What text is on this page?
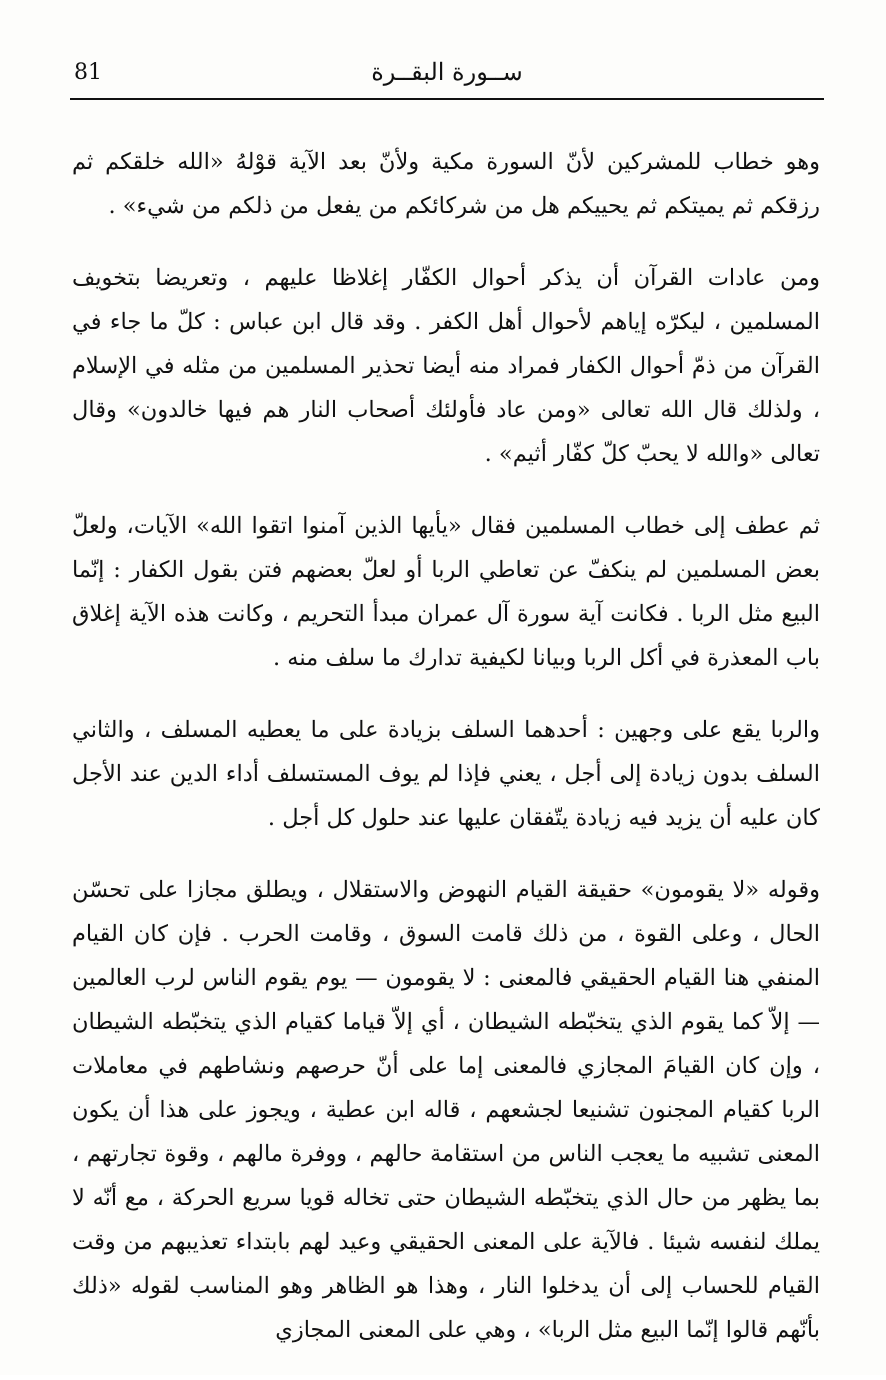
81	ســورة البقــرة

وهو خطاب للمشركين لأنّ السورة مكية ولأنّ بعد الآية قوْلهُ «الله خلقكم ثم رزقكم ثم يميتكم ثم يحييكم هل من شركائكم من يفعل من ذلكم من شيء» .

ومن عادات القرآن أن يذكر أحوال الكفّار إغلاظا عليهم ، وتعريضا بتخويف المسلمين ، ليكرّه إياهم لأحوال أهل الكفر . وقد قال ابن عباس : كلّ ما جاء في القرآن من ذمّ أحوال الكفار فمراد منه أيضا تحذير المسلمين من مثله في الإسلام ، ولذلك قال الله تعالى «ومن عاد فأولئك أصحاب النار هم فيها خالدون» وقال تعالى «والله لا يحبّ كلّ كفّار أثيم» .

ثم عطف إلى خطاب المسلمين فقال «يأيها الذين آمنوا اتقوا الله» الآيات، ولعلّ بعض المسلمين لم ينكفّ عن تعاطي الربا أو لعلّ بعضهم فتن بقول الكفار : إنّما البيع مثل الربا . فكانت آية سورة آل عمران مبدأ التحريم ، وكانت هذه الآية إغلاق باب المعذرة في أكل الربا وبيانا لكيفية تدارك ما سلف منه .

والربا يقع على وجهين : أحدهما السلف بزيادة على ما يعطيه المسلف ، والثاني السلف بدون زيادة إلى أجل ، يعني فإذا لم يوف المستسلف أداء الدين عند الأجل كان عليه أن يزيد فيه زيادة يتّفقان عليها عند حلول كل أجل .

وقوله «لا يقومون» حقيقة القيام النهوض والاستقلال ، ويطلق مجازا على تحسّن الحال ، وعلى القوة ، من ذلك قامت السوق ، وقامت الحرب . فإن كان القيام المنفي هنا القيام الحقيقي فالمعنى : لا يقومون — يوم يقوم الناس لرب العالمين — إلاّ كما يقوم الذي يتخبّطه الشيطان ، أي إلاّ قياما كقيام الذي يتخبّطه الشيطان ، وإن كان القيامَ المجازي فالمعنى إما على أنّ حرصهم ونشاطهم في معاملات الربا كقيام المجنون تشنيعا لجشعهم ، قاله ابن عطية ، ويجوز على هذا أن يكون المعنى تشبيه ما يعجب الناس من استقامة حالهم ، ووفرة مالهم ، وقوة تجارتهم ، بما يظهر من حال الذي يتخبّطه الشيطان حتى تخاله قويا سريع الحركة ، مع أنّه لا يملك لنفسه شيئا . فالآية على المعنى الحقيقي وعيد لهم بابتداء تعذيبهم من وقت القيام للحساب إلى أن يدخلوا النار ، وهذا هو الظاهر وهو المناسب لقوله «ذلك بأنّهم قالوا إنّما البيع مثل الربا» ، وهي على المعنى المجازي
